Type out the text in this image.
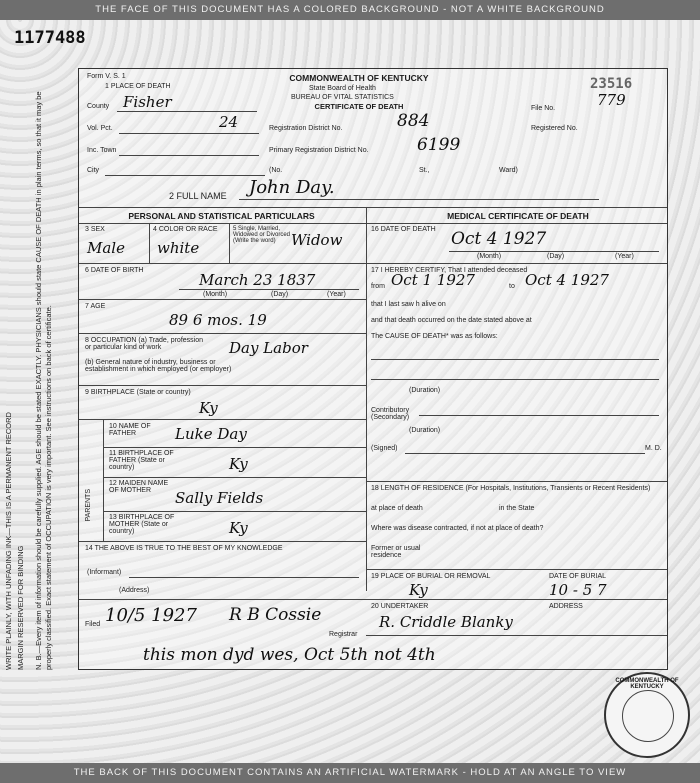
THE FACE OF THIS DOCUMENT HAS A COLORED BACKGROUND - NOT A WHITE BACKGROUND
1177488
23516
WRITE PLAINLY, WITH UNFADING INK—THIS IS A PERMANENT RECORD MARGIN RESERVED FOR BINDING N. B.—Every item of information should be carefully supplied. AGE should be stated EXACTLY. PHYSICIANS should state CAUSE OF DEATH in plain terms, so that it may be properly classified. Exact statement of OCCUPATION is very important. See instructions on back of certificate.
Form V. S. 1
1 PLACE OF DEATH
COMMONWEALTH OF KENTUCKY
State Board of Health
BUREAU OF VITAL STATISTICS
CERTIFICATE OF DEATH
County Fisher
Vol. Pct.	24
Inc. Town
Registration District No.	884
Primary Registration District No.	6199
File No.	779
Registered No.
City	(No.	St.,	Ward)
2 FULL NAME John Day.
PERSONAL AND STATISTICAL PARTICULARS	MEDICAL CERTIFICATE OF DEATH
3 SEX
Male
4 COLOR OR RACE
white
5 Single, Married, Widowed or Divorced (Write the word)	Widow
6 DATE OF BIRTH
March 23 1837
(Month)	(Day)	(Year)
7 AGE
89 6 mos. 19
8 OCCUPATION (a) Trade, profession or particular kind of work	Day Labor
(b) General nature of industry, business or establishment in which employed (or employer)
9 BIRTHPLACE (State or country)
Ky
PARENTS
10 NAME OF FATHER	Luke Day
11 BIRTHPLACE OF FATHER (State or country)	Ky
12 MAIDEN NAME OF MOTHER	Sally Fields
13 BIRTHPLACE OF MOTHER (State or country)	Ky
14 THE ABOVE IS TRUE TO THE BEST OF MY KNOWLEDGE
(Informant)
(Address)
Filed 10/5 1927 R B Cossie
Registrar
16 DATE OF DEATH Oct 4 1927
(Month)	(Day)	(Year)
17 I HEREBY CERTIFY, That I attended deceased
from Oct 1 1927	to Oct 4 1927
that I last saw h alive on
and that death occurred on the date stated above at
The CAUSE OF DEATH* was as follows:
(Duration)
Contributory (Secondary)
(Duration)
(Signed)	M. D.
18 LENGTH OF RESIDENCE (For Hospitals, Institutions, Transients or Recent Residents)
at place of death	in the State
Where was disease contracted, if not at place of death?
Former or usual residence
19 PLACE OF BURIAL OR REMOVAL	DATE OF BURIAL
Ky	10 - 5 7
20 UNDERTAKER	ADDRESS
R. Criddle Blanky
this mon dyd wes, Oct 5th not 4th
COMMONWEALTH OF KENTUCKY
THE BACK OF THIS DOCUMENT CONTAINS AN ARTIFICIAL WATERMARK - HOLD AT AN ANGLE TO VIEW
